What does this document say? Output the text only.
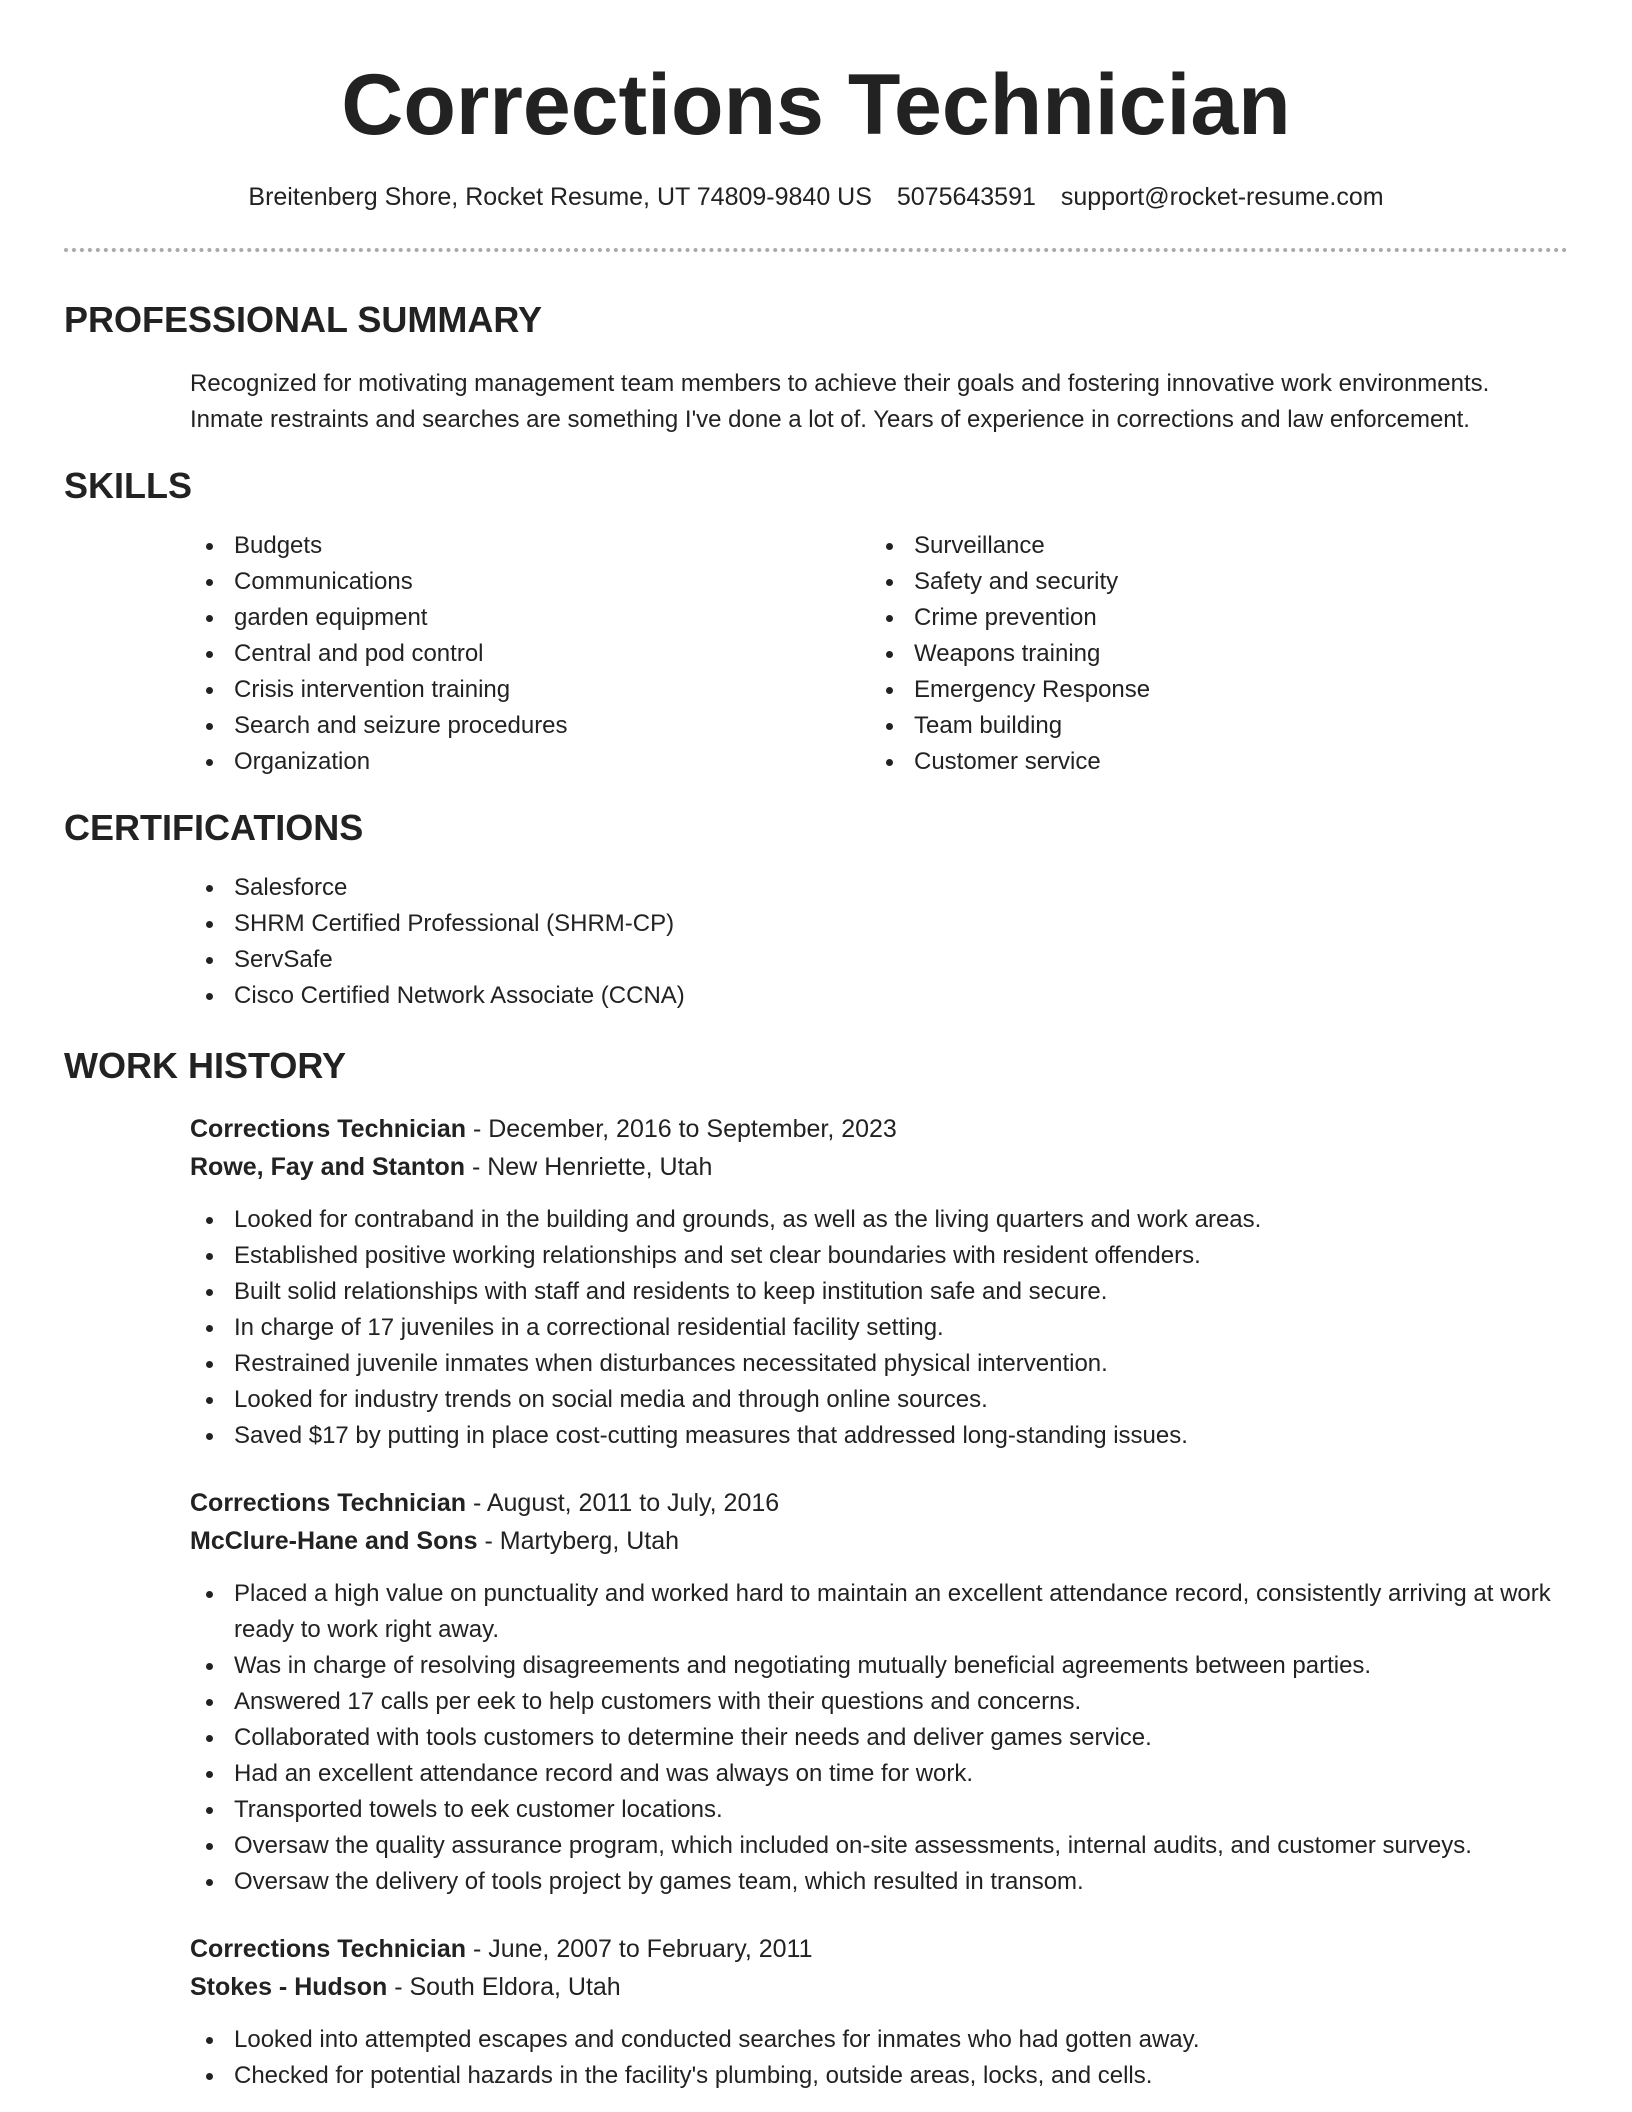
Corrections Technician
Breitenberg Shore, Rocket Resume, UT 74809-9840 US 5075643591 support@rocket-resume.com
PROFESSIONAL SUMMARY
Recognized for motivating management team members to achieve their goals and fostering innovative work environments. Inmate restraints and searches are something I've done a lot of. Years of experience in corrections and law enforcement.
SKILLS
Budgets
Communications
garden equipment
Central and pod control
Crisis intervention training
Search and seizure procedures
Organization
Surveillance
Safety and security
Crime prevention
Weapons training
Emergency Response
Team building
Customer service
CERTIFICATIONS
Salesforce
SHRM Certified Professional (SHRM-CP)
ServSafe
Cisco Certified Network Associate (CCNA)
WORK HISTORY
Corrections Technician - December, 2016 to September, 2023
Rowe, Fay and Stanton - New Henriette, Utah
Looked for contraband in the building and grounds, as well as the living quarters and work areas.
Established positive working relationships and set clear boundaries with resident offenders.
Built solid relationships with staff and residents to keep institution safe and secure.
In charge of 17 juveniles in a correctional residential facility setting.
Restrained juvenile inmates when disturbances necessitated physical intervention.
Looked for industry trends on social media and through online sources.
Saved $17 by putting in place cost-cutting measures that addressed long-standing issues.
Corrections Technician - August, 2011 to July, 2016
McClure-Hane and Sons - Martyberg, Utah
Placed a high value on punctuality and worked hard to maintain an excellent attendance record, consistently arriving at work ready to work right away.
Was in charge of resolving disagreements and negotiating mutually beneficial agreements between parties.
Answered 17 calls per eek to help customers with their questions and concerns.
Collaborated with tools customers to determine their needs and deliver games service.
Had an excellent attendance record and was always on time for work.
Transported towels to eek customer locations.
Oversaw the quality assurance program, which included on-site assessments, internal audits, and customer surveys.
Oversaw the delivery of tools project by games team, which resulted in transom.
Corrections Technician - June, 2007 to February, 2011
Stokes - Hudson - South Eldora, Utah
Looked into attempted escapes and conducted searches for inmates who had gotten away.
Checked for potential hazards in the facility's plumbing, outside areas, locks, and cells.
